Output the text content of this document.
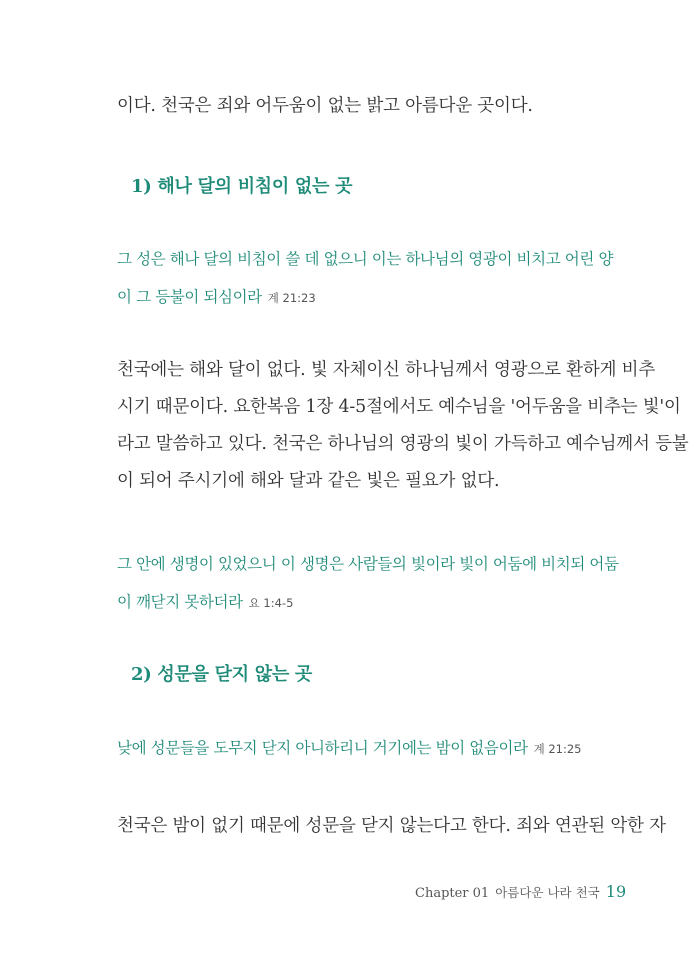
이다. 천국은 죄와 어두움이 없는 밝고 아름다운 곳이다.

1) 해나 달의 비침이 없는 곳

그 성은 해나 달의 비침이 쓸 데 없으니 이는 하나님의 영광이 비치고 어린 양
이 그 등불이 되심이라 계 21:23

천국에는 해와 달이 없다. 빛 자체이신 하나님께서 영광으로 환하게 비추
시기 때문이다. 요한복음 1장 4-5절에서도 예수님을 '어두움을 비추는 빛'이
라고 말씀하고 있다. 천국은 하나님의 영광의 빛이 가득하고 예수님께서 등불
이 되어 주시기에 해와 달과 같은 빛은 필요가 없다.

그 안에 생명이 있었으니 이 생명은 사람들의 빛이라 빛이 어둠에 비치되 어둠
이 깨닫지 못하더라 요 1:4-5

2) 성문을 닫지 않는 곳

낮에 성문들을 도무지 닫지 아니하리니 거기에는 밤이 없음이라 계 21:25

천국은 밤이 없기 때문에 성문을 닫지 않는다고 한다. 죄와 연관된 악한 자

Chapter 01 아름다운 나라 천국 19
